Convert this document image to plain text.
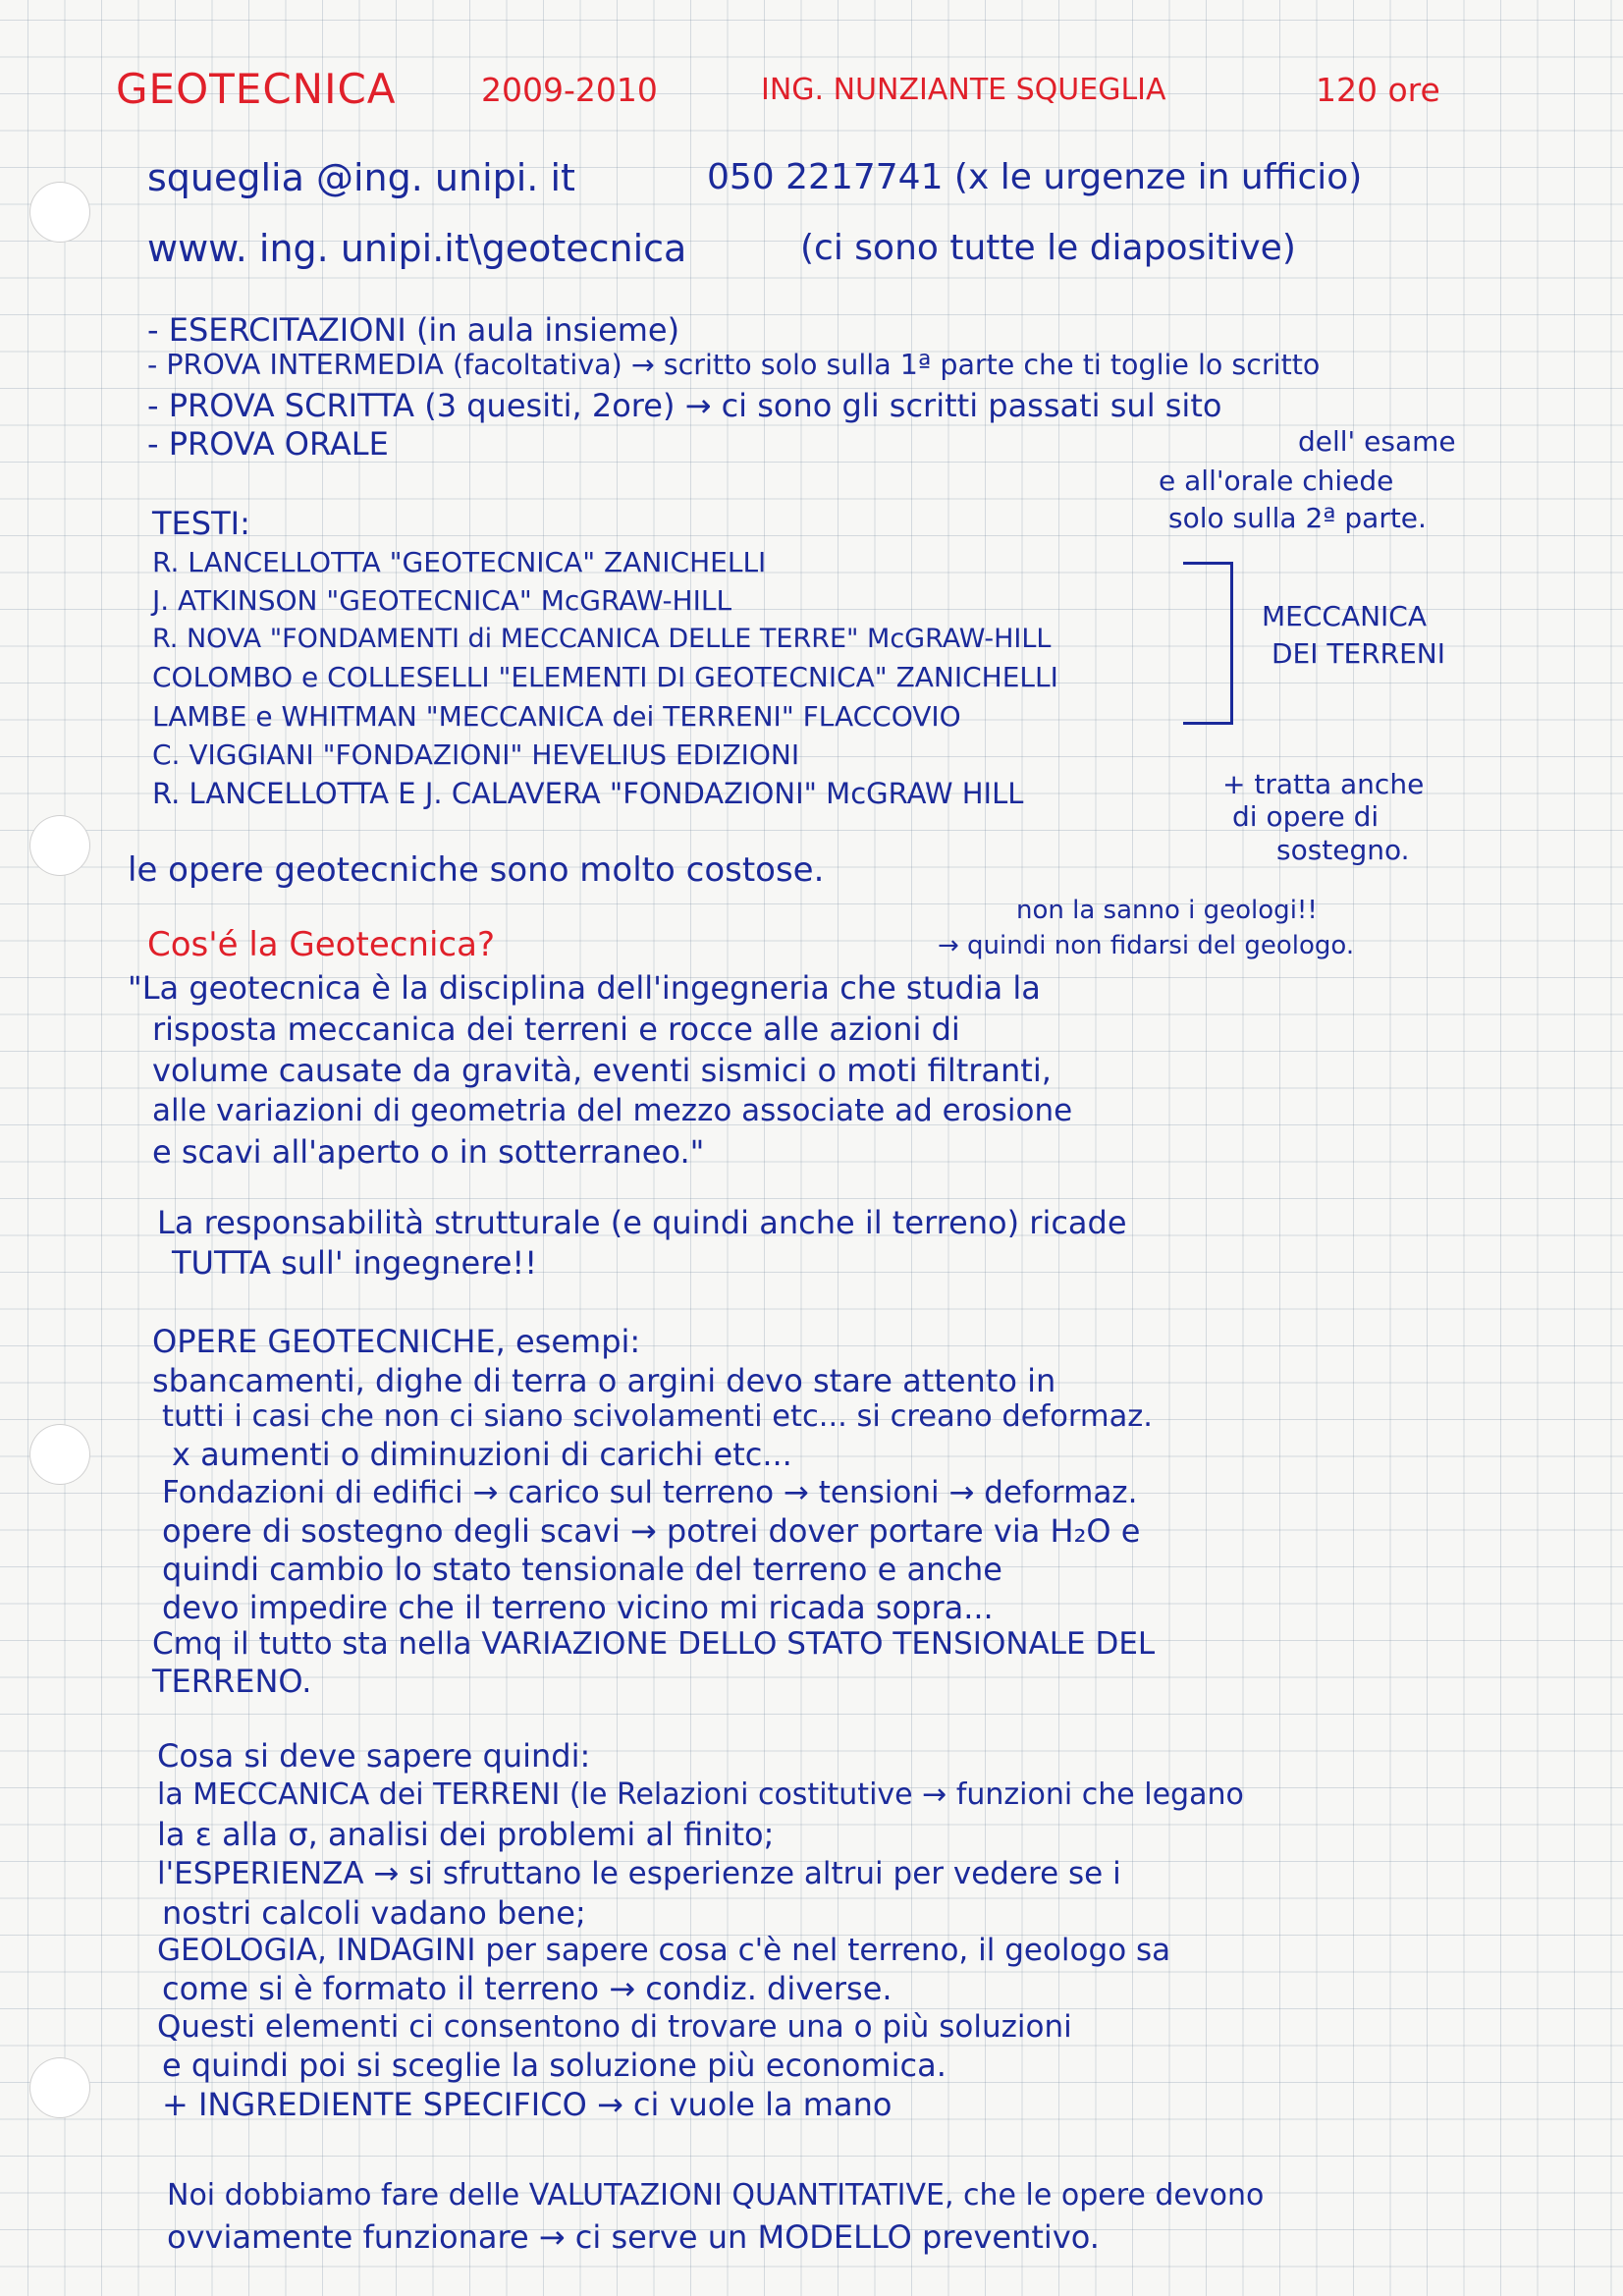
GEOTECNICA	2009-2010	ING. NUNZIANTE SQUEGLIA	120 ore
squeglia @ing. unipi. it	050 2217741 (x le urgenze in ufficio)
www. ing. unipi.it\geotecnica	(ci sono tutte le diapositive)
- ESERCITAZIONI (in aula insieme)
- PROVA INTERMEDIA (facoltativa) → scritto solo sulla 1ª parte che ti toglie lo scritto
- PROVA SCRITTA (3 quesiti, 2ore) → ci sono gli scritti passati sul sito
- PROVA ORALE	dell' esame
e all'orale chiede
solo sulla 2ª parte.
TESTI:
R. LANCELLOTTA "GEOTECNICA" ZANICHELLI
J. ATKINSON "GEOTECNICA" McGRAW-HILL
R. NOVA "FONDAMENTI di MECCANICA DELLE TERRE" McGRAW-HILL
COLOMBO e COLLESELLI "ELEMENTI DI GEOTECNICA" ZANICHELLI
LAMBE e WHITMAN "MECCANICA dei TERRENI" FLACCOVIO
C. VIGGIANI "FONDAZIONI" HEVELIUS EDIZIONI
R. LANCELLOTTA E J. CALAVERA "FONDAZIONI" McGRAW HILL
MECCANICA
DEI TERRENI
+ tratta anche
di opere di
sostegno.
le opere geotecniche sono molto costose.
non la sanno i geologi!!
→ quindi non fidarsi del geologo.
Cos'é la Geotecnica?
"La geotecnica è la disciplina dell'ingegneria che studia la
risposta meccanica dei terreni e rocce alle azioni di
volume causate da gravità, eventi sismici o moti filtranti,
alle variazioni di geometria del mezzo associate ad erosione
e scavi all'aperto o in sotterraneo."
La responsabilità strutturale (e quindi anche il terreno) ricade
TUTTA sull' ingegnere!!
OPERE GEOTECNICHE, esempi:
sbancamenti, dighe di terra o argini devo stare attento in
tutti i casi che non ci siano scivolamenti etc... si creano deformaz.
x aumenti o diminuzioni di carichi etc...
Fondazioni di edifici → carico sul terreno → tensioni → deformaz.
opere di sostegno degli scavi → potrei dover portare via H₂O e
quindi cambio lo stato tensionale del terreno e anche
devo impedire che il terreno vicino mi ricada sopra...
Cmq il tutto sta nella VARIAZIONE DELLO STATO TENSIONALE DEL
TERRENO.
Cosa si deve sapere quindi:
la MECCANICA dei TERRENI (le Relazioni costitutive → funzioni che legano
la ε alla σ, analisi dei problemi al finito;
l'ESPERIENZA → si sfruttano le esperienze altrui per vedere se i
nostri calcoli vadano bene;
GEOLOGIA, INDAGINI per sapere cosa c'è nel terreno, il geologo sa
come si è formato il terreno → condiz. diverse.
Questi elementi ci consentono di trovare una o più soluzioni
e quindi poi si sceglie la soluzione più economica.
+ INGREDIENTE SPECIFICO → ci vuole la mano
Noi dobbiamo fare delle VALUTAZIONI QUANTITATIVE, che le opere devono
ovviamente funzionare → ci serve un MODELLO preventivo.
